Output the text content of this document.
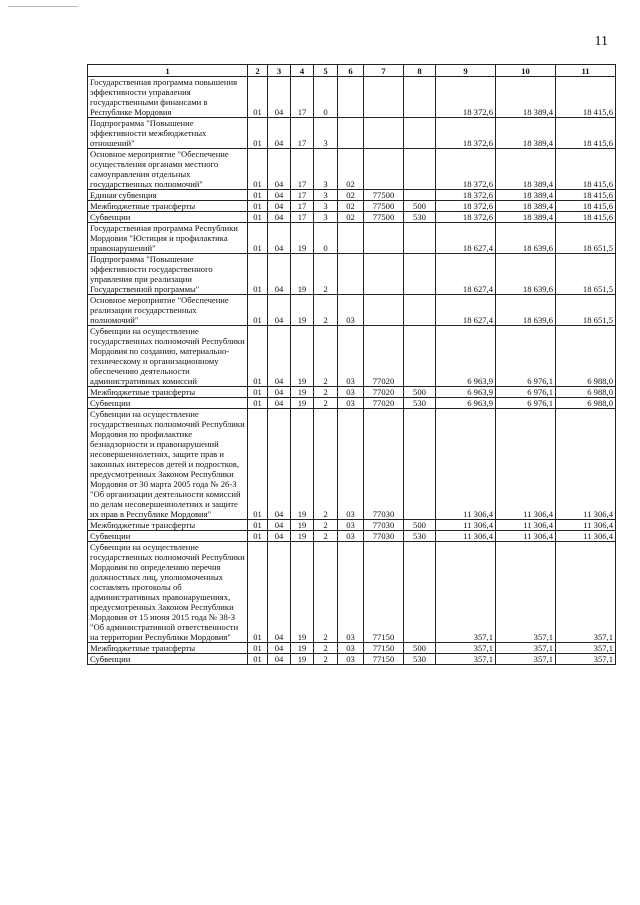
11
1	2	3	4	5	6	7	8	9	10	11
Государственная программа повышения эффективности управления государственными финансами в Республике Мордовия	01	04	17	0				18 372,6	18 389,4	18 415,6
Подпрограмма "Повышение эффективности межбюджетных отношений"	01	04	17	3				18 372,6	18 389,4	18 415,6
Основное мероприятие "Обеспечение осуществления органами местного самоуправления отдельных государственных полномочий"	01	04	17	3	02			18 372,6	18 389,4	18 415,6
Единая субвенция	01	04	17	3	02	77500		18 372,6	18 389,4	18 415,6
Межбюджетные трансферты	01	04	17	3	02	77500	500	18 372,6	18 389,4	18 415,6
Субвенции	01	04	17	3	02	77500	530	18 372,6	18 389,4	18 415,6
Государственная программа Республики Мордовия "Юстиция и профилактика правонарушений"	01	04	19	0				18 627,4	18 639,6	18 651,5
Подпрограмма "Повышение эффективности государственного управления при реализации Государственной программы"	01	04	19	2				18 627,4	18 639,6	18 651,5
Основное мероприятие "Обеспечение реализации государственных полномочий"	01	04	19	2	03			18 627,4	18 639,6	18 651,5
Субвенции на осуществление государственных полномочий Республики Мордовия по созданию, материально-техническому и организационному обеспечению деятельности административных комиссий	01	04	19	2	03	77020		6 963,9	6 976,1	6 988,0
Межбюджетные трансферты	01	04	19	2	03	77020	500	6 963,9	6 976,1	6 988,0
Субвенции	01	04	19	2	03	77020	530	6 963,9	6 976,1	6 988,0
Субвенции на осуществление государственных полномочий Республики Мордовия по профилактике безнадзорности и правонарушений несовершеннолетних, защите прав и законных интересов детей и подростков, предусмотренных Законом Республики Мордовия от 30 марта 2005 года № 26-З "Об организации деятельности комиссий по делам несовершеннолетних и защите их прав в Республике Мордовия"	01	04	19	2	03	77030		11 306,4	11 306,4	11 306,4
Межбюджетные трансферты	01	04	19	2	03	77030	500	11 306,4	11 306,4	11 306,4
Субвенции	01	04	19	2	03	77030	530	11 306,4	11 306,4	11 306,4
Субвенции на осуществление государственных полномочий Республики Мордовия по определению перечня должностных лиц, уполномоченных составлять протоколы об административных правонарушениях, предусмотренных Законом Республики Мордовия от 15 июня 2015 года № 38-З "Об административной ответственности на территории Республики Мордовия"	01	04	19	2	03	77150		357,1	357,1	357,1
Межбюджетные трансферты	01	04	19	2	03	77150	500	357,1	357,1	357,1
Субвенции	01	04	19	2	03	77150	530	357,1	357,1	357,1
